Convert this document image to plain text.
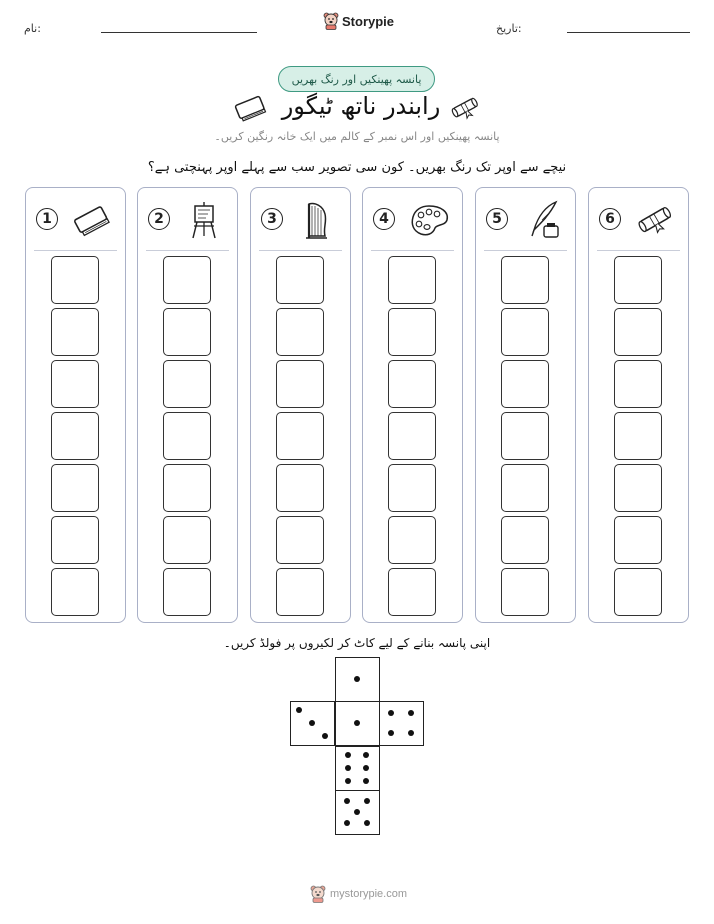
نام:	Storypie	تاریخ:
پانسہ پھینکیں اور رنگ بھریں
رابندر ناتھ ٹیگور
پانسہ پھینکیں اور اس نمبر کے کالم میں ایک خانہ رنگین کریں۔
نیچے سے اوپر تک رنگ بھریں۔ کون سی تصویر سب سے پہلے اوپر پہنچتی ہے؟
1	2	3	4	5	6
اپنی پانسہ بنانے کے لیے کاٹ کر لکیروں پر فولڈ کریں۔
mystorypie.com
